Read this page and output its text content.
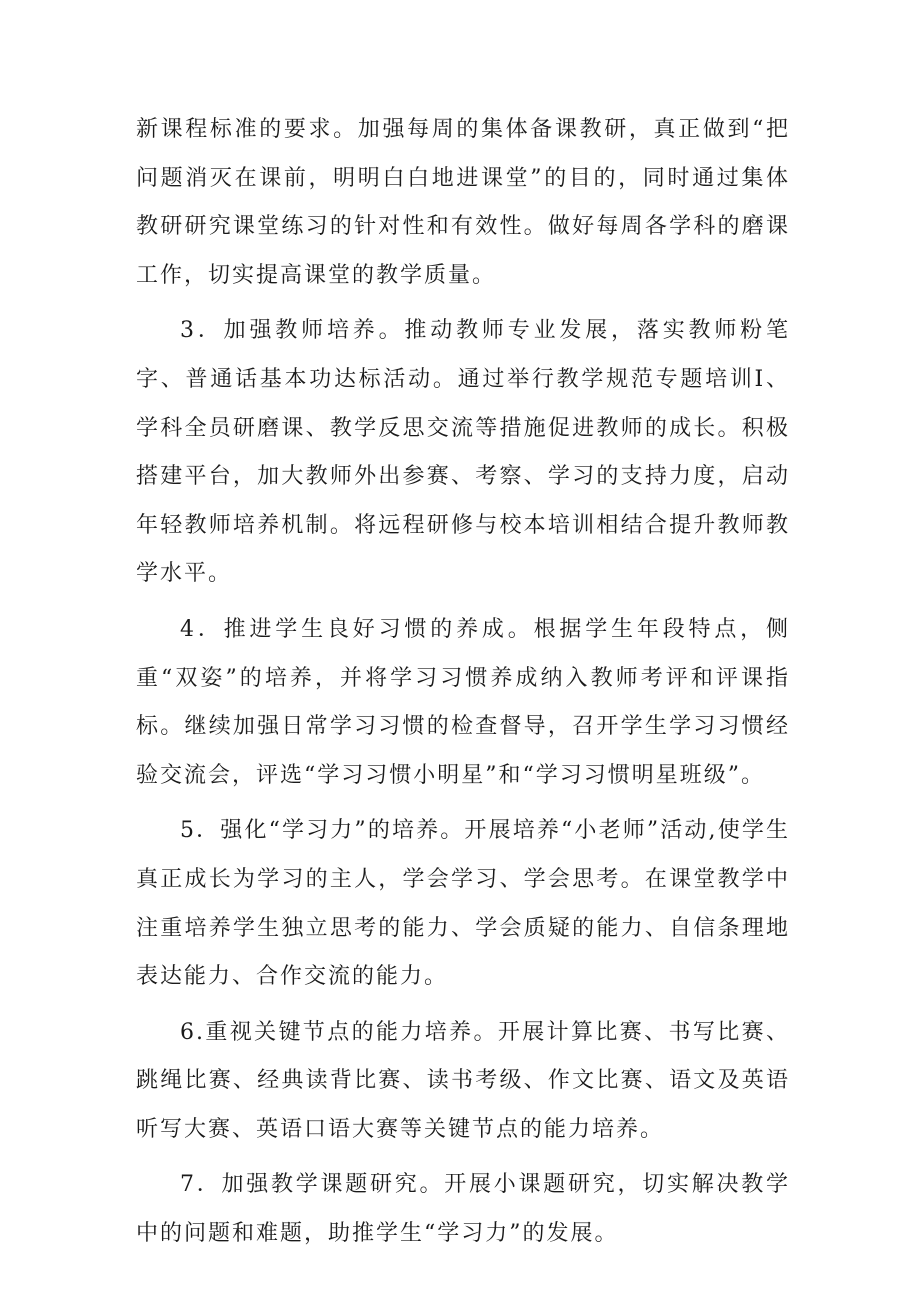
新课程标准的要求。加强每周的集体备课教研，真正做到“把问题消灭在课前，明明白白地进课堂”的目的，同时通过集体教研研究课堂练习的针对性和有效性。做好每周各学科的磨课工作，切实提高课堂的教学质量。

3．加强教师培养。推动教师专业发展，落实教师粉笔字、普通话基本功达标活动。通过举行教学规范专题培训Ⅰ、学科全员研磨课、教学反思交流等措施促进教师的成长。积极搭建平台，加大教师外出参赛、考察、学习的支持力度，启动年轻教师培养机制。将远程研修与校本培训相结合提升教师教学水平。

4．推进学生良好习惯的养成。根据学生年段特点，侧重“双姿”的培养，并将学习习惯养成纳入教师考评和评课指标。继续加强日常学习习惯的检查督导，召开学生学习习惯经验交流会，评选“学习习惯小明星”和“学习习惯明星班级”。

5．强化“学习力”的培养。开展培养“小老师”活动,使学生真正成长为学习的主人，学会学习、学会思考。在课堂教学中注重培养学生独立思考的能力、学会质疑的能力、自信条理地表达能力、合作交流的能力。

6.重视关键节点的能力培养。开展计算比赛、书写比赛、跳绳比赛、经典读背比赛、读书考级、作文比赛、语文及英语听写大赛、英语口语大赛等关键节点的能力培养。

7．加强教学课题研究。开展小课题研究，切实解决教学中的问题和难题，助推学生“学习力”的发展。
